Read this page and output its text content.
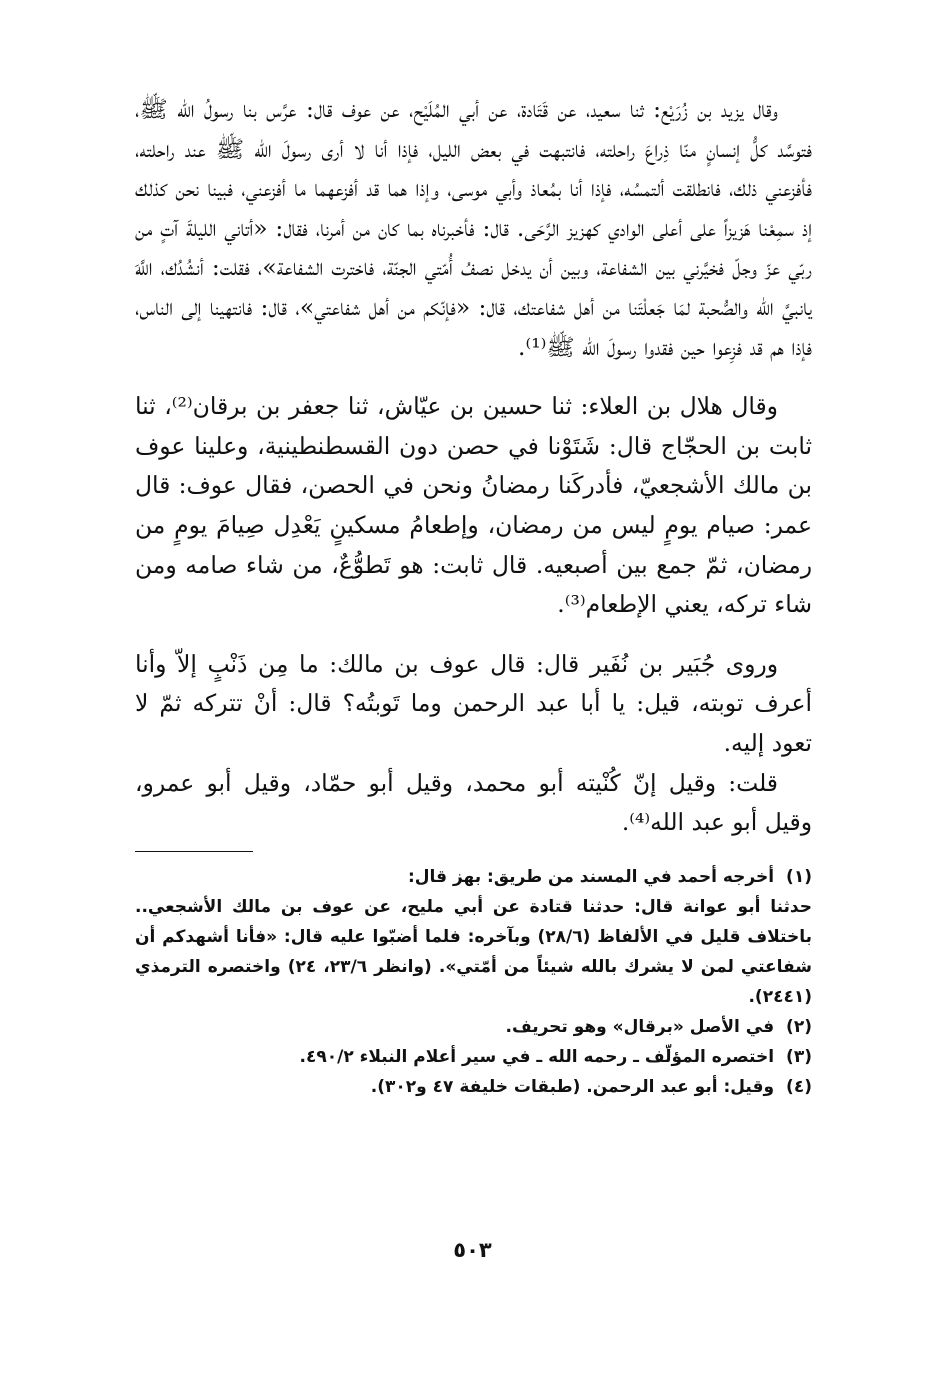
وقال يزيد بن زُرَيْع: ثنا سعيد، عن قَتَادة، عن أبي المُلَيْح، عن عوف قال: عرَّس بنا رسولُ الله ﷺ، فتوسَّد كلُّ إنسانٍ منّا ذِراعَ راحلته، فانتبهت في بعض الليل، فإذا أنا لا أرى رسولَ الله ﷺ عند راحلته، فأفزعني ذلك، فانطلقت ألتمسُه، فإذا أنا بمُعاذ وأبي موسى، وإذا هما قد أفزعهما ما أفزعني، فبينا نحن كذلك إذ سمِعْنا هَزيزاً على أعلى الوادي كهزيز الرَّحَى. قال: فأخبرناه بما كان من أمرنا، فقال: «أتاني الليلةَ آتٍ من ربّي عزّ وجلّ فخيَّرني بين الشفاعة، وبين أن يدخل نصفُ أُمّتي الجنّة، فاخترت الشفاعة»، فقلت: أنشُدُك، اللَّهَ يانبيَّ الله والصُّحبة لمَا جَعلْتَنا من أهل شفاعتك، قال: «فإنّكم من أهل شفاعتي»، قال: فانتهينا إلى الناس، فإذا هم قد فزِعوا حين فقدوا رسولَ الله ﷺ⁽¹⁾.

وقال هلال بن العلاء: ثنا حسين بن عيّاش، ثنا جعفر بن برقان⁽²⁾، ثنا ثابت بن الحجّاج قال: شَتَوْنا في حصن دون القسطنطينية، وعلينا عوف بن مالك الأشجعيّ، فأدركَنا رمضانُ ونحن في الحصن، فقال عوف: قال عمر: صيام يومٍ ليس من رمضان، وإطعامُ مسكينٍ يَعْدِل صِيامَ يومٍ من رمضان، ثمّ جمع بين أصبعيه. قال ثابت: هو تَطوُّعٌ، من شاء صامه ومن شاء تركه، يعني الإطعام⁽³⁾.

وروى جُبَير بن نُفَير قال: قال عوف بن مالك: ما مِن ذَنْبٍ إلاّ وأنا أعرف توبته، قيل: يا أبا عبد الرحمن وما تَوبتُه؟ قال: أنْ تتركه ثمّ لا تعود إليه.

قلت: وقيل إنّ كُنْيته أبو محمد، وقيل أبو حمّاد، وقيل أبو عمرو، وقيل أبو عبد الله⁽⁴⁾.

(١) أخرجه أحمد في المسند من طريق: بهز قال:

حدثنا أبو عوانة قال: حدثنا قتادة عن أبي مليح، عن عوف بن مالك الأشجعي.. باختلاف قليل في الألفاظ (٢٨/٦) وبآخره: فلما أضبّوا عليه قال: «فأنا أشهدكم أن شفاعتي لمن لا يشرك بالله شيئاً من أمّتي». (وانظر ٢٣/٦، ٢٤) واختصره الترمذي (٢٤٤١).

(٢) في الأصل «برقال» وهو تحريف.

(٣) اختصره المؤلّف ـ رحمه الله ـ في سير أعلام النبلاء ٤٩٠/٢.

(٤) وقيل: أبو عبد الرحمن. (طبقات خليفة ٤٧ و٣٠٢).

٥٠٣
